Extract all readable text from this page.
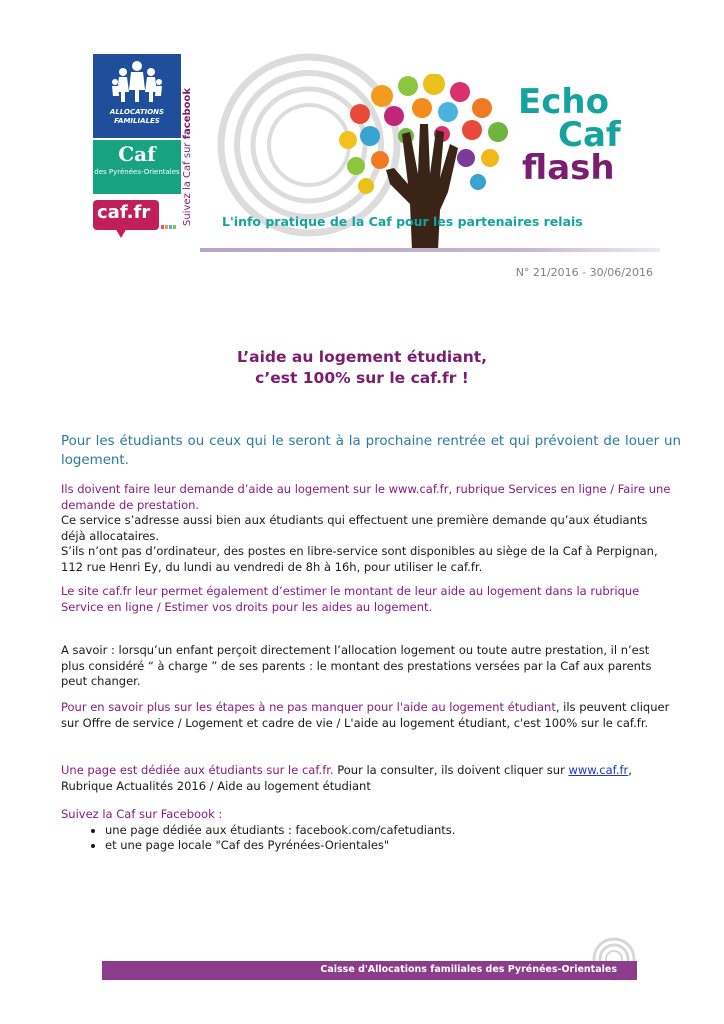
ALLOCATIONS FAMILIALES
Caf
des Pyrénées-Orientales
caf.fr	Suivez la Caf sur facebook	Echo
Caf
flash
L'info pratique de la Caf pour les partenaires relais
N° 21/2016 - 30/06/2016
L’aide au logement étudiant,
c’est 100% sur le caf.fr !
Pour les étudiants ou ceux qui le seront à la prochaine rentrée et qui prévoient de louer un logement.
Ils doivent faire leur demande d’aide au logement sur le www.caf.fr, rubrique Services en ligne / Faire une demande de prestation.
Ce service s’adresse aussi bien aux étudiants qui effectuent une première demande qu’aux étudiants déjà allocataires.
S’ils n’ont pas d’ordinateur, des postes en libre-service sont disponibles au siège de la Caf à Perpignan, 112 rue Henri Ey, du lundi au vendredi de 8h à 16h, pour utiliser le caf.fr.
Le site caf.fr leur permet également d’estimer le montant de leur aide au logement dans la rubrique Service en ligne / Estimer vos droits pour les aides au logement.
A savoir : lorsqu’un enfant perçoit directement l’allocation logement ou toute autre prestation, il n’est plus considéré “ à charge ” de ses parents : le montant des prestations versées par la Caf aux parents peut changer.
Pour en savoir plus sur les étapes à ne pas manquer pour l'aide au logement étudiant, ils peuvent cliquer sur Offre de service / Logement et cadre de vie / L'aide au logement étudiant, c'est 100% sur le caf.fr.
Une page est dédiée aux étudiants sur le caf.fr. Pour la consulter, ils doivent cliquer sur www.caf.fr, Rubrique Actualités 2016 / Aide au logement étudiant
Suivez la Caf sur Facebook :
• une page dédiée aux étudiants : facebook.com/cafetudiants.
• et une page locale "Caf des Pyrénées-Orientales"
Caisse d'Allocations familiales des Pyrénées-Orientales
